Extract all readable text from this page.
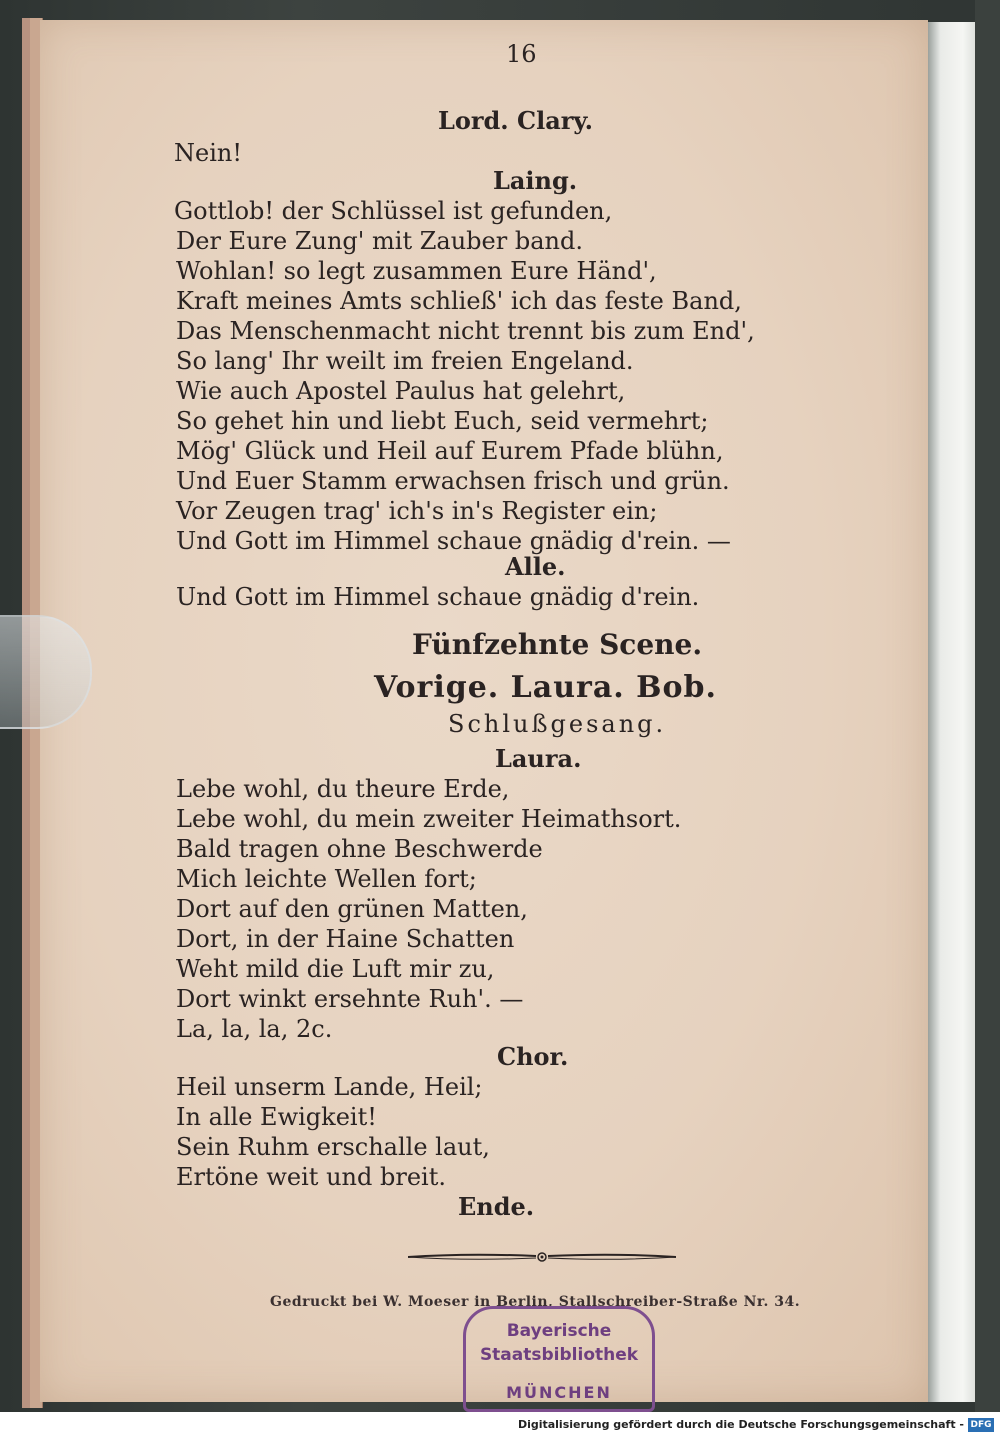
16
Lord. Clary.
Nein!
Laing.
Gottlob! der Schlüssel ist gefunden,
Der Eure Zung' mit Zauber band.
Wohlan! so legt zusammen Eure Händ',
Kraft meines Amts schließ' ich das feste Band,
Das Menschenmacht nicht trennt bis zum End',
So lang' Ihr weilt im freien Engeland.
Wie auch Apostel Paulus hat gelehrt,
So gehet hin und liebt Euch, seid vermehrt;
Mög' Glück und Heil auf Eurem Pfade blühn,
Und Euer Stamm erwachsen frisch und grün.
Vor Zeugen trag' ich's in's Register ein;
Und Gott im Himmel schaue gnädig d'rein. —
Alle.
Und Gott im Himmel schaue gnädig d'rein.
Fünfzehnte Scene.
Vorige. Laura. Bob.
Schlußgesang.
Laura.
Lebe wohl, du theure Erde,
Lebe wohl, du mein zweiter Heimathsort.
Bald tragen ohne Beschwerde
Mich leichte Wellen fort;
Dort auf den grünen Matten,
Dort, in der Haine Schatten
Weht mild die Luft mir zu,
Dort winkt ersehnte Ruh'. —
La, la, la, 2c.
Chor.
Heil unserm Lande, Heil;
In alle Ewigkeit!
Sein Ruhm erschalle laut,
Ertöne weit und breit.
Ende.
Gedruckt bei W. Moeser in Berlin, Stallschreiber-Straße Nr. 34.
Bayerische
Staatsbibliothek
MÜNCHEN
Digitalisierung gefördert durch die Deutsche Forschungsgemeinschaft - DFG
